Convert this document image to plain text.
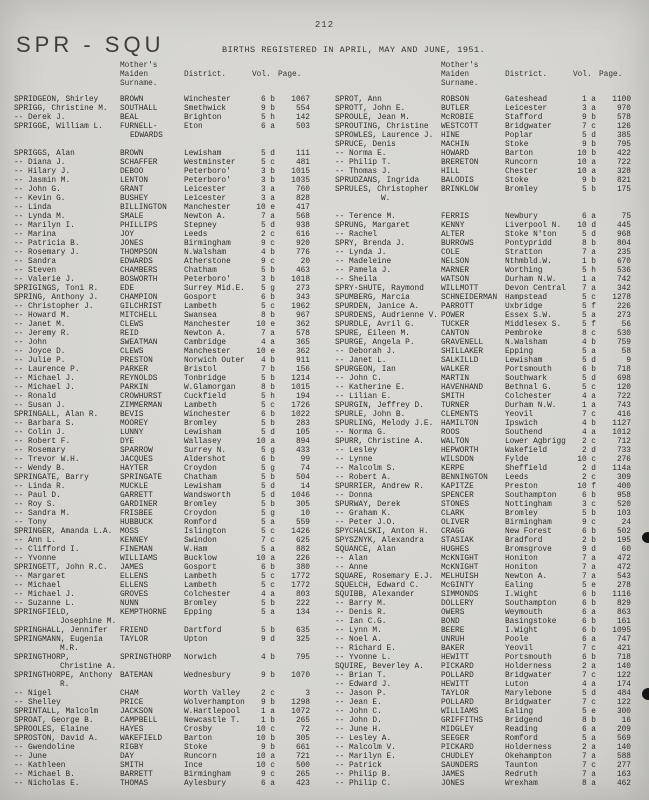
212
SPR - SQU	BIRTHS REGISTERED IN APRIL, MAY AND JUNE, 1951.
Mother's
Maiden
Surname.
District.	Vol. Page.
SPRIDGEON, Shirley	BROWN	Winchester	6 b	1067
SPRIGG, Christine M.	SOUTHALL	Smethwick	9 b	554
-- Derek J.	BEAL	Brighton	5 h	142
SPRIGGE, William L.	FURNELL-
EDWARDS
Eton	6 a	503
SPRIGGS, Alan	BROWN	Lewisham	5 d	111
-- Diana J.	SCHAFFER	Westminster	5 c	481
-- Hilary J.	DEBOO	Peterboro'	3 b	1015
-- Jasmin M.	LENTON	Peterboro'	3 b	1035
-- John G.	GRANT	Leicester	3 a	760
-- Kevin G.	BUSHEY	Leicester	3 a	828
-- Linda	BILLINGTON	Manchester	10 e	417
-- Lynda M.	SMALE	Newton A.	7 a	568
-- Marilyn I.	PHILLIPS	Stepney	5 d	938
-- Marina	JOY	Leeds	2 c	616
-- Patricia B.	JONES	Birmingham	9 c	920
-- Rosemary J.	THOMPSON	N.Walsham	4 b	776
-- Sandra	EDWARDS	Atherstone	9 c	20
-- Steven	CHAMBERS	Chatham	5 b	463
-- Valerie J.	BOSWORTH	Peterboro'	3 b	1018
SPRIGINGS, Toni R.	EDE	Surrey Mid.E.	5 g	273
SPRING, Anthony J.	CHAMPION	Gosport	6 b	343
-- Christopher J.	GILCHRIST	Lambeth	5 c	1962
-- Howard M.	MITCHELL	Swansea	8 b	967
-- Janet M.	CLEWS	Manchester	10 e	362
-- Jeremy R.	REID	Newton A.	7 a	578
-- John	SWEATMAN	Cambridge	4 a	365
-- Joyce D.	CLEWS	Manchester	10 e	362
-- Julie P.	PRESTON	Norwich Outer	4 b	911
-- Laurence P.	PARKER	Bristol	7 b	156
-- Michael J.	REYNOLDS	Tonbridge	5 b	1214
-- Michael J.	PARKIN	W.Glamorgan	8 b	1015
-- Ronald	CROWHURST	Cuckfield	5 h	194
-- Susan J.	ZIMMERMAN	Lambeth	5 c	1726
SPRINGALL, Alan R.	BEVIS	Winchester	6 b	1022
-- Barbara S.	MOOREY	Bromley	5 b	283
-- Colin J.	LUNNY	Lewisham	5 d	105
-- Robert F.	DYE	Wallasey	10 a	894
-- Rosemary	SPARROW	Surrey N.	5 g	433
-- Trevor W.H.	JACQUES	Aldershot	6 b	99
-- Wendy B.	HAYTER	Croydon	5 g	74
SPRINGATE, Barry	SPRINGATE	Chatham	5 b	504
-- Linda R.	MUCKLE	Lewisham	5 d	14
-- Paul D.	GARRETT	Wandsworth	5 d	1046
-- Roy S.	GARDINER	Bromley	5 b	305
-- Sandra M.	FRISBEE	Croydon	5 g	10
-- Tony	HUBBUCK	Romford	5 a	559
SPRINGER, Amanda L.A. MOSS	Islington	5 c	1426
-- Ann L.	KENNEY	Swindon	7 c	625
-- Clifford I.	FINEMAN	W.Ham	5 a	882
-- Yvonne	WILLIAMS	Bucklow	10 a	226
SPRINGETT, John R.C.	JAMES	Gosport	6 b	380
-- Margaret	ELLENS	Lambeth	5 c	1772
-- Michael	ELLENS	Lambeth	5 c	1772
-- Michael J.	GROVES	Colchester	4 a	803
-- Suzanne L.	NUNN	Bromley	5 b	222
SPRINGFIELD,
Josephine M.
KEMPTHORNE	Epping	5 a	134
SPRINGHALL, Jennifer	FRIEND	Dartford	5 b	635
SPRINGMANN, Eugenia
M.R.
TAYLOR	Upton	9 d	325
SPRINGTHORP,
Christine A.
SPRINGTHORP	Norwich	4 b	795
SPRINGTHORPE, Anthony
R.
BATEMAN	Wednesbury	9 b	1070
-- Nigel	CHAM	Worth Valley	2 c	3
-- Shelley	PRICE	Wolverhampton	9 b	1298
SPRINTALL, Malcolm	JACKSON	W.Hartlepool	1 a	1072
SPROAT, George B.	CAMPBELL	Newcastle T.	1 b	265
SPROOLES, Elaine	HAYES	Crosby	10 c	72
SPROSTON, David A.	WAKEFIELD	Barton	10 b	305
-- Gwendoline	RIGBY	Stoke	9 b	661
-- June	DAY	Runcorn	10 a	721
-- Kathleen	SMITH	Ince	10 c	500
-- Michael B.	BARRETT	Birmingham	9 c	265
-- Nicholas E.	THOMAS	Aylesbury	6 a	423
Mother's
Maiden
Surname.
District.	Vol. Page.
SPROT, Ann	ROBSON	Gateshead	1 a	1100
SPROTT, John E.	BUTLER	Leicester	3 a	970
SPROULE, Jean M.	McROBIE	Stafford	9 b	578
SPROUTING, Christine	WESTCOTT	Bridgwater	7 c	126
SPROWLES, Laurence J. HINE	Poplar	5 d	385
SPRUCE, Denis	MACHIN	Stoke	9 b	795
-- Norma E.	HOWARD	Barton	10 b	422
-- Philip T.	BRERETON	Runcorn	10 a	722
-- Thomas J.	HILL	Chester	10 a	328
SPRUDZANS, Ingrida	BALODIS	Stoke	9 b	821
SPRULES, Christopher
W.
BRINKLOW	Bromley	5 b	175
-- Terence M.	FERRIS	Newbury	6 a	75
SPRUNG, Margaret	KENNY	Liverpool N.	10 d	445
-- Rachel	ALTER	Stoke N'ton	5 d	968
SPRY, Brenda J.	BURROWS	Pontypridd	8 b	804
-- Lynda J.	COLE	Stratton	7 a	235
-- Madeleine	NELSON	Nthmbld.W.	1 b	670
-- Pamela J.	MARNER	Worthing	5 h	536
-- Sheila	WATSON	Durham N.W.	1 a	742
SPRY-SHUTE, Raymond	WILLMOTT	Devon Central	7 a	342
SPUMBERG, Marcia	SCHNEIDERMAN	Hampstead	5 c	1278
SPURDEN, Janice A.	PARROTT	Uxbridge	5 f	226
SPURDENS, Audrienne V. POWER	Essex S.W.	5 a	273
SPURDLE, Avril G.	TUCKER	Middlesex S.	5 f	56
SPURE, Eileen M.	CANTON	Pembroke	8 c	530
SPURGE, Angela P.	GRAVENELL	N.Walsham	4 b	759
-- Deborah J.	SHILLAKER	Epping	5 a	58
-- Janet L.	SALKILLD	Lewisham	5 d	9
SPURGEON, Ian	WALKER	Portsmouth	6 b	718
-- John C.	MARTIN	Southwark	5 d	698
-- Katherine E.	HAVENHAND	Bethnal G.	5 c	120
-- Lilian E.	SMITH	Colchester	4 a	722
SPURGIN, Jeffrey D.	TURNER	Durham N.W.	1 a	743
SPURLE, John B.	CLEMENTS	Yeovil	7 c	416
SPURLING, Melody J.E. HAMILTON	Ipswich	4 b	1127
-- Norma G.	ROOS	Southend	4 a	1012
SPURR, Christine A.	WALTON	Lower Agbrigg	2 c	712
-- Lesley	HEPWORTH	Wakefield	2 d	733
-- Lynne	WILSDON	Fylde	10 c	276
-- Malcolm S.	KERPE	Sheffield	2 d	114a
-- Robert A.	BENNINGTON	Leeds	2 c	309
SPURRIER, Andrew R.	KAPITZE	Preston	10 f	400
-- Donna	SPENCER	Southampton	6 b	958
SPURWAY, Derek	STONES	Nottingham	3 c	520
-- Graham K.	CLARK	Bromley	5 b	103
-- Peter J.O.	OLIVER	Birmingham	9 c	24
SPYCHALSKI, Anton H.	CRAGG	New Forest	6 b	502
SPYSZNYK, Alexandra	STASIAK	Bradford	2 b	195
SQUANCE, Alan	HUGHES	Bromsgrove	9 d	60
-- Alan	McKNIGHT	Honiton	7 a	472
-- Anne	McKNIGHT	Honiton	7 a	472
SQUARE, Rosemary E.J. MELHUISH	Newton A.	7 a	543
SQUELCH, Edward C.	McGINTY	Ealing	5 e	278
SQUIBB, Alexander	SIMMONDS	I.Wight	6 b	1116
-- Barry M.	DOLLERY	Southampton	6 b	829
-- Denis R.	OWERS	Weymouth	6 a	863
-- Ian C.G.	BOND	Basingstoke	6 b	161
-- Lynn M.	BEERE	I.Wight	6 b	1095
-- Noel A.	UNRUH	Poole	6 a	747
-- Richard E.	BAKER	Yeovil	7 c	421
-- Yvonne L.	HEWITT	Portsmouth	6 b	718
SQUIRE, Beverley A.	PICKARD	Holderness	2 a	140
-- Brian T.	POLLARD	Bridgwater	7 c	122
-- Edward J.	HEWITT	Luton	4 a	174
-- Jason P.	TAYLOR	Marylebone	5 d	484
-- Jean E.	POLLARD	Bridgwater	7 c	122
-- John C.	WILLIAMS	Ealing	5 e	300
-- John D.	GRIFFITHS	Bridgend	8 b	16
-- June H.	MIDGLEY	Reading	6 a	209
-- Lesley A.	SEEGER	Romford	5 a	569
-- Malcolm V.	PICKARD	Holderness	2 a	140
-- Marilyn E.	CHUDLEY	Okehampton	7 a	588
-- Patrick	SAUNDERS	Taunton	7 c	277
-- Philip B.	JAMES	Redruth	7 a	163
-- Philip C.	JONES	Wrexham	8 a	462
